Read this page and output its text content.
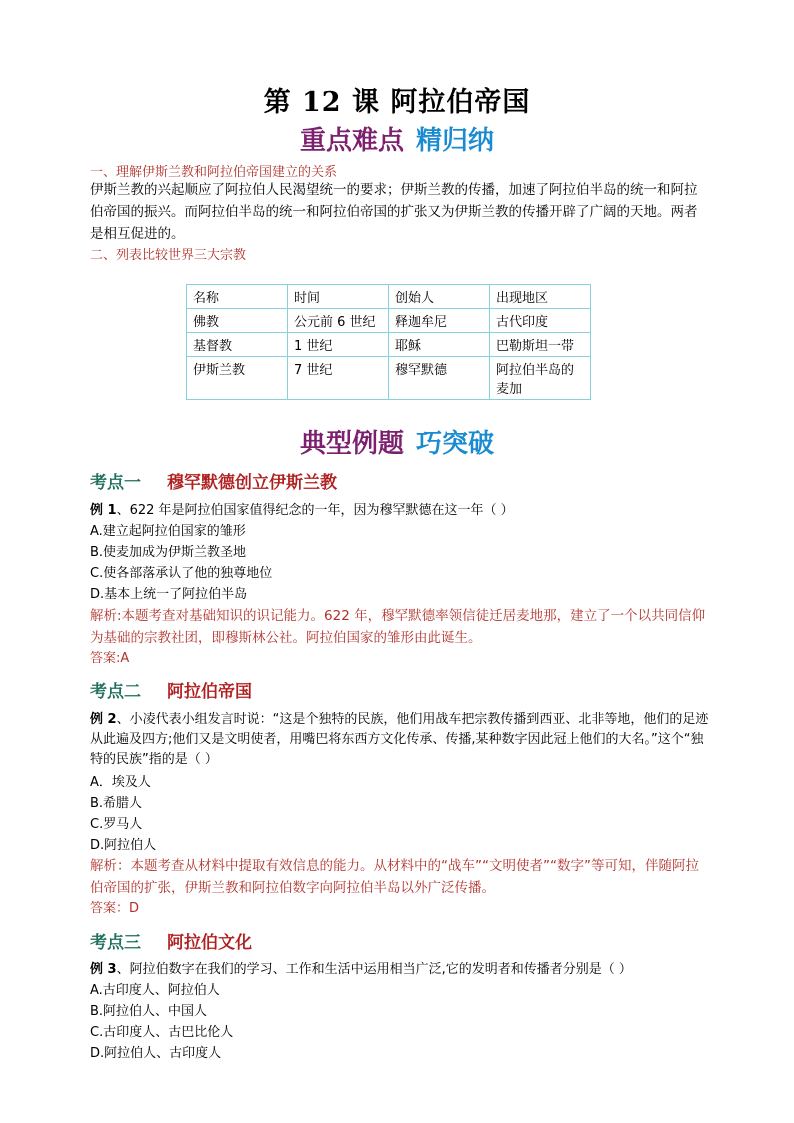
第 12 课 阿拉伯帝国
重点难点 精归纳
一、理解伊斯兰教和阿拉伯帝国建立的关系
伊斯兰教的兴起顺应了阿拉伯人民渴望统一的要求；伊斯兰教的传播，加速了阿拉伯半岛的统一和阿拉伯帝国的振兴。而阿拉伯半岛的统一和阿拉伯帝国的扩张又为伊斯兰教的传播开辟了广阔的天地。两者是相互促进的。
二、列表比较世界三大宗教
名称	时间	创始人	出现地区
佛教	公元前 6 世纪	释迦牟尼	古代印度
基督教	1 世纪	耶稣	巴勒斯坦一带
伊斯兰教	7 世纪	穆罕默德	阿拉伯半岛的麦加
典型例题 巧突破
考点一 穆罕默德创立伊斯兰教
例 1、622 年是阿拉伯国家值得纪念的一年，因为穆罕默德在这一年（ ）
A.建立起阿拉伯国家的雏形
B.使麦加成为伊斯兰教圣地
C.使各部落承认了他的独尊地位
D.基本上统一了阿拉伯半岛
解析:本题考查对基础知识的识记能力。622 年，穆罕默德率领信徒迁居麦地那，建立了一个以共同信仰为基础的宗教社团，即穆斯林公社。阿拉伯国家的雏形由此诞生。
答案:A
考点二 阿拉伯帝国
例 2、小凌代表小组发言时说：“这是个独特的民族，他们用战车把宗教传播到西亚、北非等地，他们的足迹从此遍及四方;他们又是文明使者，用嘴巴将东西方文化传承、传播,某种数字因此冠上他们的大名。”这个“独特的民族”指的是（ ）
A．埃及人
B.希腊人
C.罗马人
D.阿拉伯人
解析：本题考查从材料中提取有效信息的能力。从材料中的“战车”“文明使者”“数字”等可知，伴随阿拉伯帝国的扩张，伊斯兰教和阿拉伯数字向阿拉伯半岛以外广泛传播。
答案：D
考点三 阿拉伯文化
例 3、阿拉伯数字在我们的学习、工作和生活中运用相当广泛,它的发明者和传播者分别是（ ）
A.古印度人、阿拉伯人
B.阿拉伯人、中国人
C.古印度人、古巴比伦人
D.阿拉伯人、古印度人
